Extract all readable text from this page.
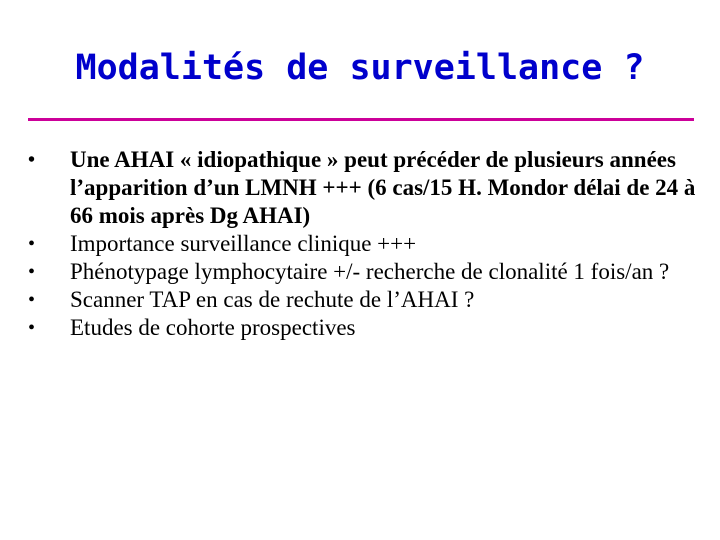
Modalités de surveillance ?
•	Une AHAI « idiopathique » peut précéder de plusieurs années l’apparition d’un LMNH +++ (6 cas/15 H. Mondor délai de 24 à 66 mois après Dg AHAI)
•	Importance surveillance clinique +++
•	Phénotypage lymphocytaire +/- recherche de clonalité 1 fois/an ?
•	Scanner TAP en cas de rechute de l’AHAI ?
•	Etudes de cohorte prospectives
